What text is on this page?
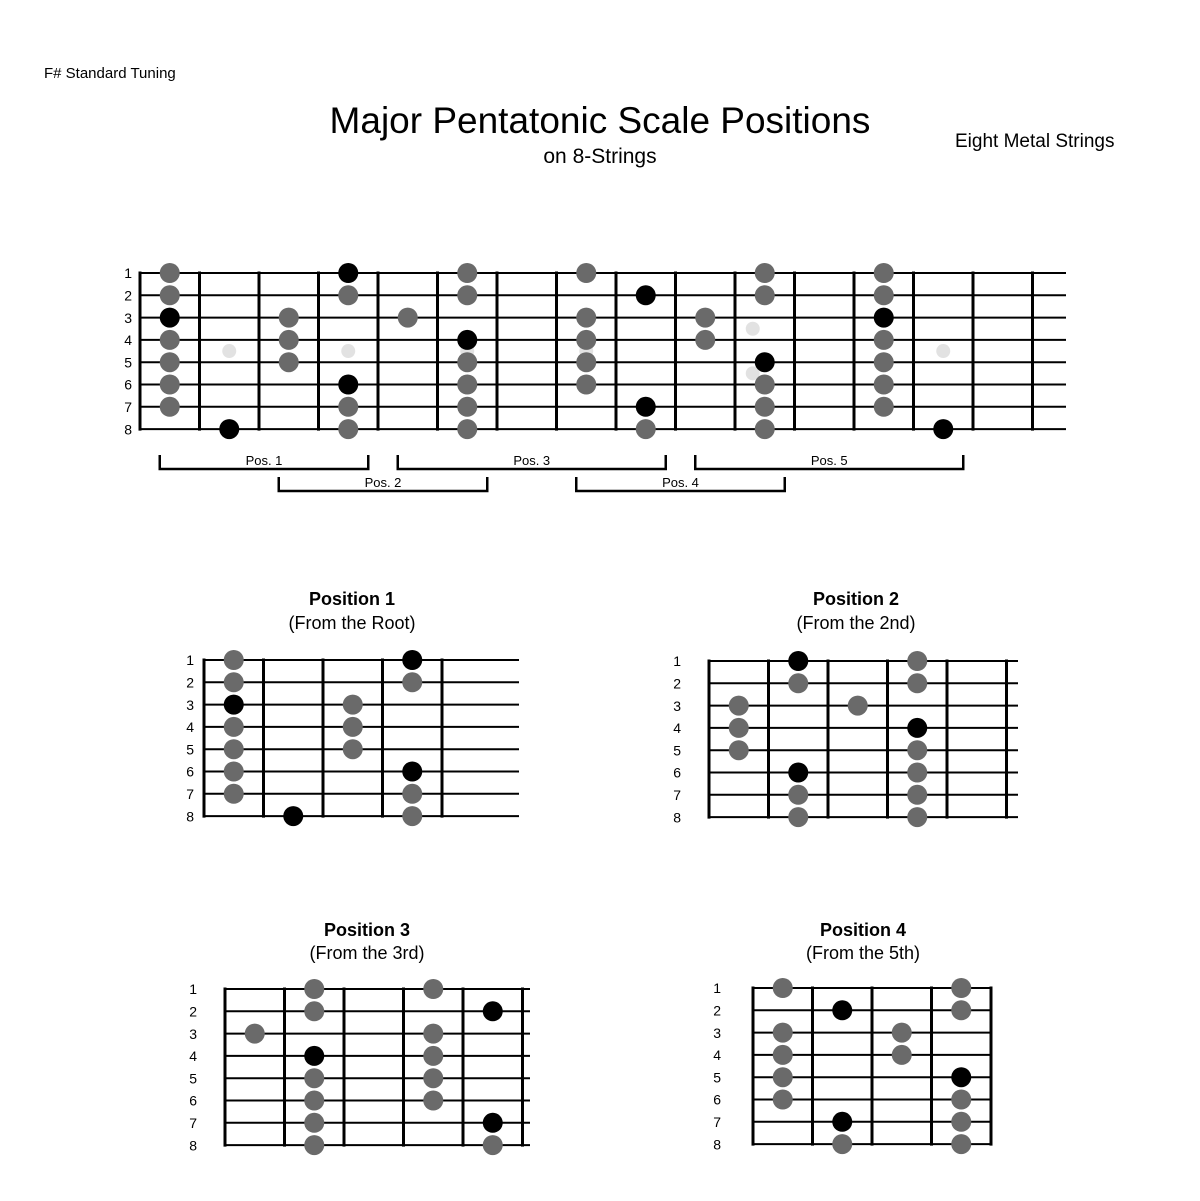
F# Standard Tuning
Major Pentatonic Scale Positions
on 8-Strings
Eight Metal Strings
Position 1
(From the Root)
Position 2
(From the 2nd)
Position 3
(From the 3rd)
Position 4
(From the 5th)
1
2
3
4
5
6
7
8
Pos. 1
Pos. 2
Pos. 3
Pos. 4
Pos. 5
1
2
3
4
5
6
7
8
1
2
3
4
5
6
7
8
1
2
3
4
5
6
7
8
1
2
3
4
5
6
7
8
